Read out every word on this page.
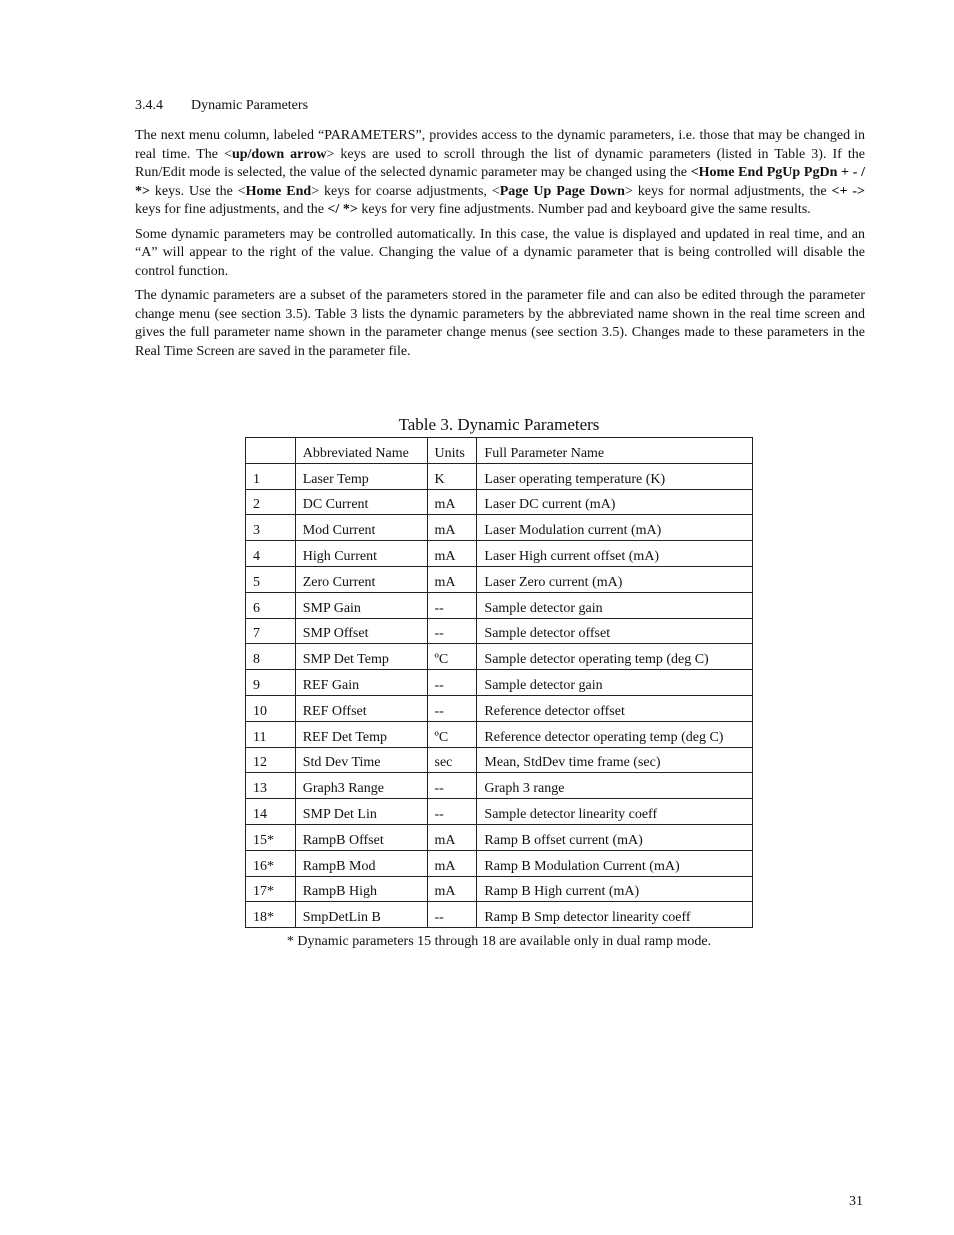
3.4.4	Dynamic Parameters

The next menu column, labeled “PARAMETERS”, provides access to the dynamic parameters, i.e. those that may be changed in real time. The <up/down arrow> keys are used to scroll through the list of dynamic parameters (listed in Table 3). If the Run/Edit mode is selected, the value of the selected dynamic parameter may be changed using the <Home End PgUp PgDn + - / *> keys. Use the <Home End> keys for coarse adjustments, <Page Up Page Down> keys for normal adjustments, the <+ -> keys for fine adjustments, and the </ *> keys for very fine adjustments. Number pad and keyboard give the same results.

Some dynamic parameters may be controlled automatically. In this case, the value is displayed and updated in real time, and an “A” will appear to the right of the value. Changing the value of a dynamic parameter that is being controlled will disable the control function.

The dynamic parameters are a subset of the parameters stored in the parameter file and can also be edited through the parameter change menu (see section 3.5). Table 3 lists the dynamic parameters by the abbreviated name shown in the real time screen and gives the full parameter name shown in the parameter change menus (see section 3.5). Changes made to these parameters in the Real Time Screen are saved in the parameter file.

Table 3. Dynamic Parameters
	Abbreviated Name	Units	Full Parameter Name
1	Laser Temp	K	Laser operating temperature (K)
2	DC Current	mA	Laser DC current (mA)
3	Mod Current	mA	Laser Modulation current (mA)
4	High Current	mA	Laser High current offset (mA)
5	Zero Current	mA	Laser Zero current (mA)
6	SMP Gain	--	Sample detector gain
7	SMP Offset	--	Sample detector offset
8	SMP Det Temp	ºC	Sample detector operating temp (deg C)
9	REF Gain	--	Sample detector gain
10	REF Offset	--	Reference detector offset
11	REF Det Temp	ºC	Reference detector operating temp (deg C)
12	Std Dev Time	sec	Mean, StdDev time frame (sec)
13	Graph3 Range	--	Graph 3 range
14	SMP Det Lin	--	Sample detector linearity coeff
15*	RampB Offset	mA	Ramp B offset current (mA)
16*	RampB Mod	mA	Ramp B Modulation Current (mA)
17*	RampB High	mA	Ramp B High current (mA)
18*	SmpDetLin B	--	Ramp B Smp detector linearity coeff
* Dynamic parameters 15 through 18 are available only in dual ramp mode.
31
